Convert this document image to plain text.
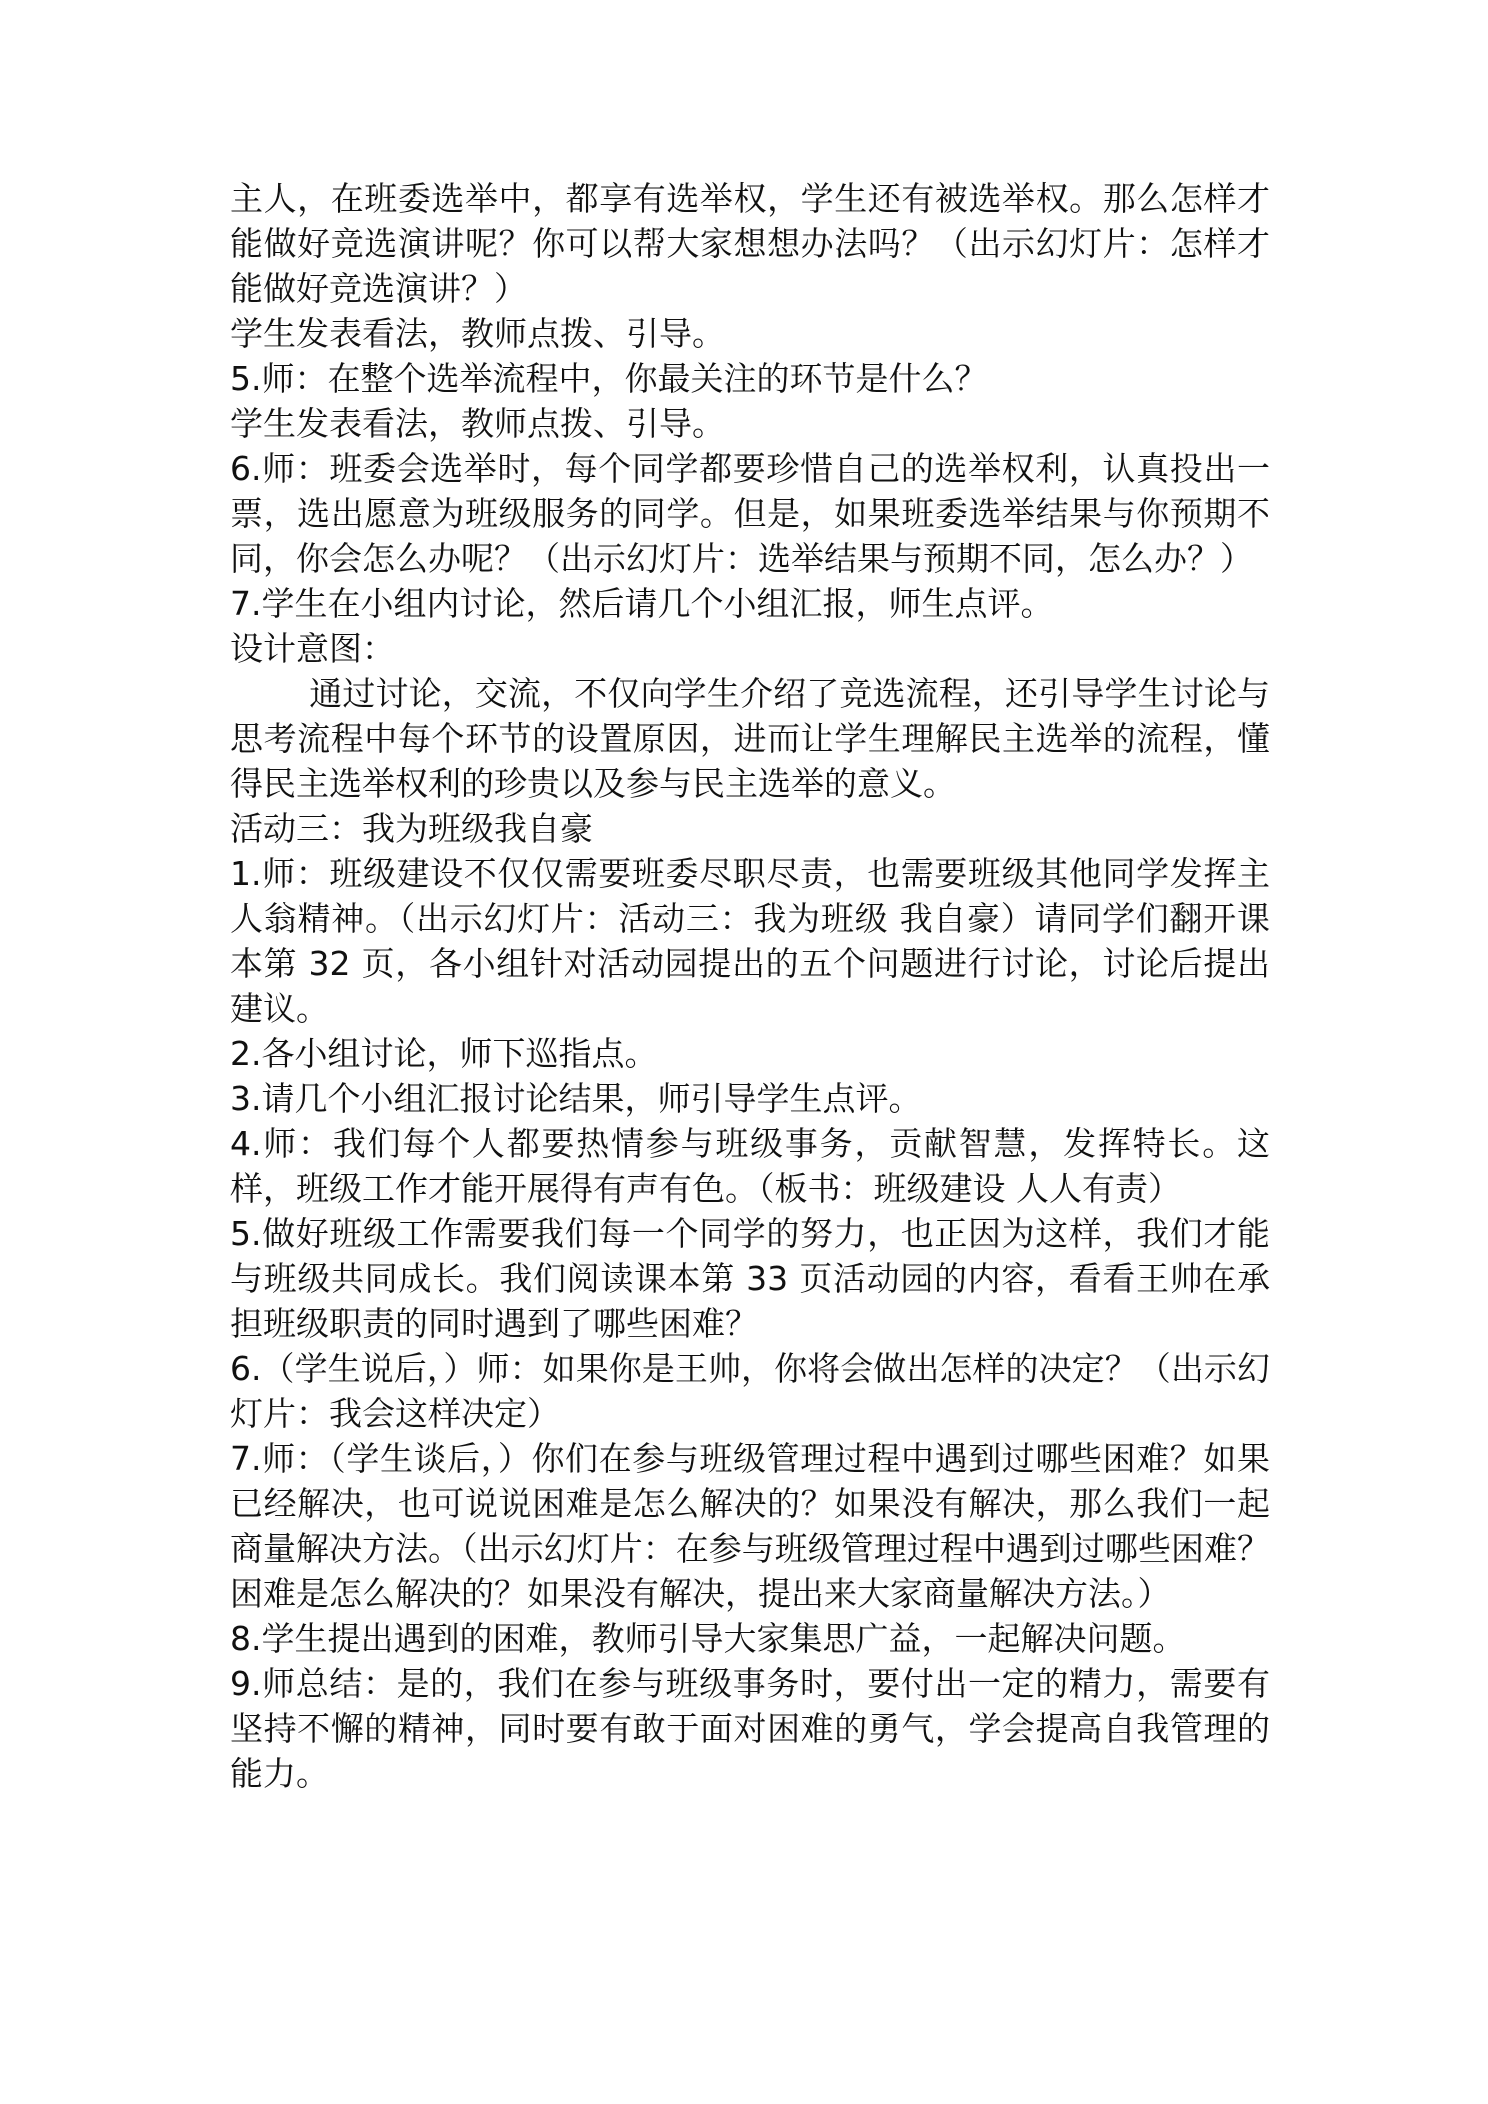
主人，在班委选举中，都享有选举权，学生还有被选举权。那么怎样才能做好竞选演讲呢？你可以帮大家想想办法吗？（出示幻灯片：怎样才能做好竞选演讲？）

学生发表看法，教师点拨、引导。

5.师：在整个选举流程中，你最关注的环节是什么？

学生发表看法，教师点拨、引导。

6.师：班委会选举时，每个同学都要珍惜自己的选举权利，认真投出一票，选出愿意为班级服务的同学。但是，如果班委选举结果与你预期不同，你会怎么办呢？（出示幻灯片：选举结果与预期不同，怎么办？）

7.学生在小组内讨论，然后请几个小组汇报，师生点评。

设计意图：

通过讨论，交流，不仅向学生介绍了竞选流程，还引导学生讨论与思考流程中每个环节的设置原因，进而让学生理解民主选举的流程，懂得民主选举权利的珍贵以及参与民主选举的意义。

活动三：我为班级我自豪

1.师：班级建设不仅仅需要班委尽职尽责，也需要班级其他同学发挥主人翁精神。（出示幻灯片：活动三：我为班级 我自豪）请同学们翻开课本第 32 页，各小组针对活动园提出的五个问题进行讨论，讨论后提出建议。

2.各小组讨论，师下巡指点。

3.请几个小组汇报讨论结果，师引导学生点评。

4.师：我们每个人都要热情参与班级事务，贡献智慧，发挥特长。这样，班级工作才能开展得有声有色。（板书：班级建设 人人有责）

5.做好班级工作需要我们每一个同学的努力，也正因为这样，我们才能与班级共同成长。我们阅读课本第 33 页活动园的内容，看看王帅在承担班级职责的同时遇到了哪些困难？

6.（学生说后，）师：如果你是王帅，你将会做出怎样的决定？（出示幻灯片：我会这样决定）

7.师：（学生谈后，）你们在参与班级管理过程中遇到过哪些困难？如果已经解决，也可说说困难是怎么解决的？如果没有解决，那么我们一起商量解决方法。（出示幻灯片：在参与班级管理过程中遇到过哪些困难？困难是怎么解决的？如果没有解决，提出来大家商量解决方法。）

8.学生提出遇到的困难，教师引导大家集思广益，一起解决问题。

9.师总结：是的，我们在参与班级事务时，要付出一定的精力，需要有坚持不懈的精神，同时要有敢于面对困难的勇气，学会提高自我管理的能力。
